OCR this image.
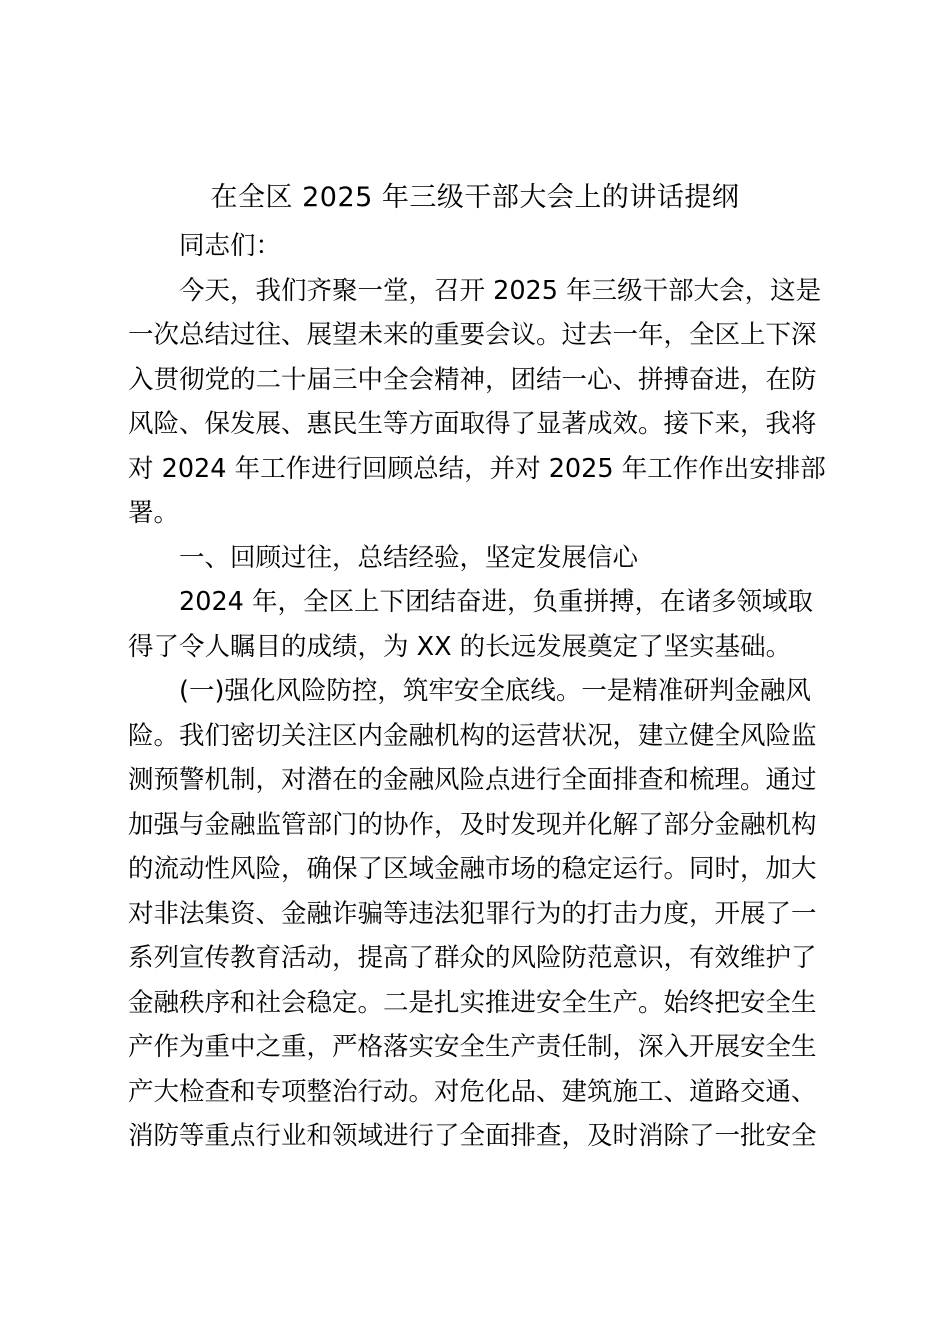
在全区 2025 年三级干部大会上的讲话提纲
同志们：
今天，我们齐聚一堂，召开 2025 年三级干部大会，这是
一次总结过往、展望未来的重要会议。过去一年，全区上下深
入贯彻党的二十届三中全会精神，团结一心、拼搏奋进，在防
风险、保发展、惠民生等方面取得了显著成效。接下来，我将
对 2024 年工作进行回顾总结，并对 2025 年工作作出安排部
署。
一、回顾过往，总结经验，坚定发展信心
2024 年，全区上下团结奋进，负重拼搏，在诸多领域取
得了令人瞩目的成绩，为 XX 的长远发展奠定了坚实基础。
(一)强化风险防控，筑牢安全底线。一是精准研判金融风
险。我们密切关注区内金融机构的运营状况，建立健全风险监
测预警机制，对潜在的金融风险点进行全面排查和梳理。通过
加强与金融监管部门的协作，及时发现并化解了部分金融机构
的流动性风险，确保了区域金融市场的稳定运行。同时，加大
对非法集资、金融诈骗等违法犯罪行为的打击力度，开展了一
系列宣传教育活动，提高了群众的风险防范意识，有效维护了
金融秩序和社会稳定。二是扎实推进安全生产。始终把安全生
产作为重中之重，严格落实安全生产责任制，深入开展安全生
产大检查和专项整治行动。对危化品、建筑施工、道路交通、
消防等重点行业和领域进行了全面排查，及时消除了一批安全
